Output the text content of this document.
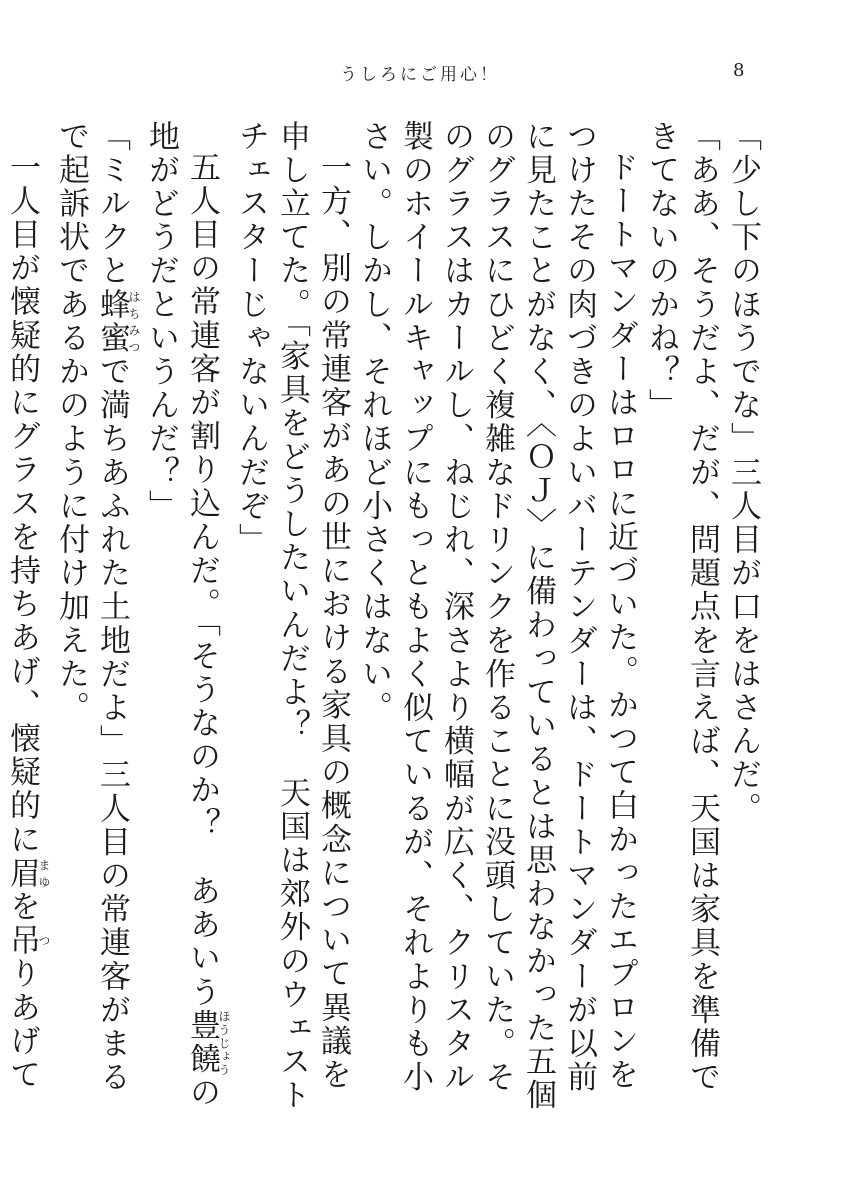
うしろにご用心！	8

「少し下のほうでな」三人目が口をはさんだ。

「ああ、そうだよ、だが、問題点を言えば、天国は家具を準備できてないのかね？」

ドートマンダーはロロに近づいた。かつて白かったエプロンをつけたその肉づきのよいバーテンダーは、ドートマンダーが以前に見たことがなく、〈ＯＪ〉に備わっているとは思わなかった五個のグラスにひどく複雑なドリンクを作ることに没頭していた。そのグラスはカールし、ねじれ、深さより横幅が広く、クリスタル製のホイールキャップにもっともよく似ているが、それよりも小さい。しかし、それほど小さくはない。

一方、別の常連客があの世における家具の概念について異議を申し立てた。「家具をどうしたいんだよ？　天国は郊外のウェストチェスターじゃないんだぞ」

五人目の常連客が割り込んだ。「そうなのか？　ああいう豊饒ほうじょうの地がどうだというんだ？」

「ミルクと蜂蜜はちみつで満ちあふれた土地だよ」三人目の常連客がまるで起訴状であるかのように付け加えた。

一人目が懐疑的にグラスを持ちあげ、懐疑的に眉まゆを吊つりあげて
